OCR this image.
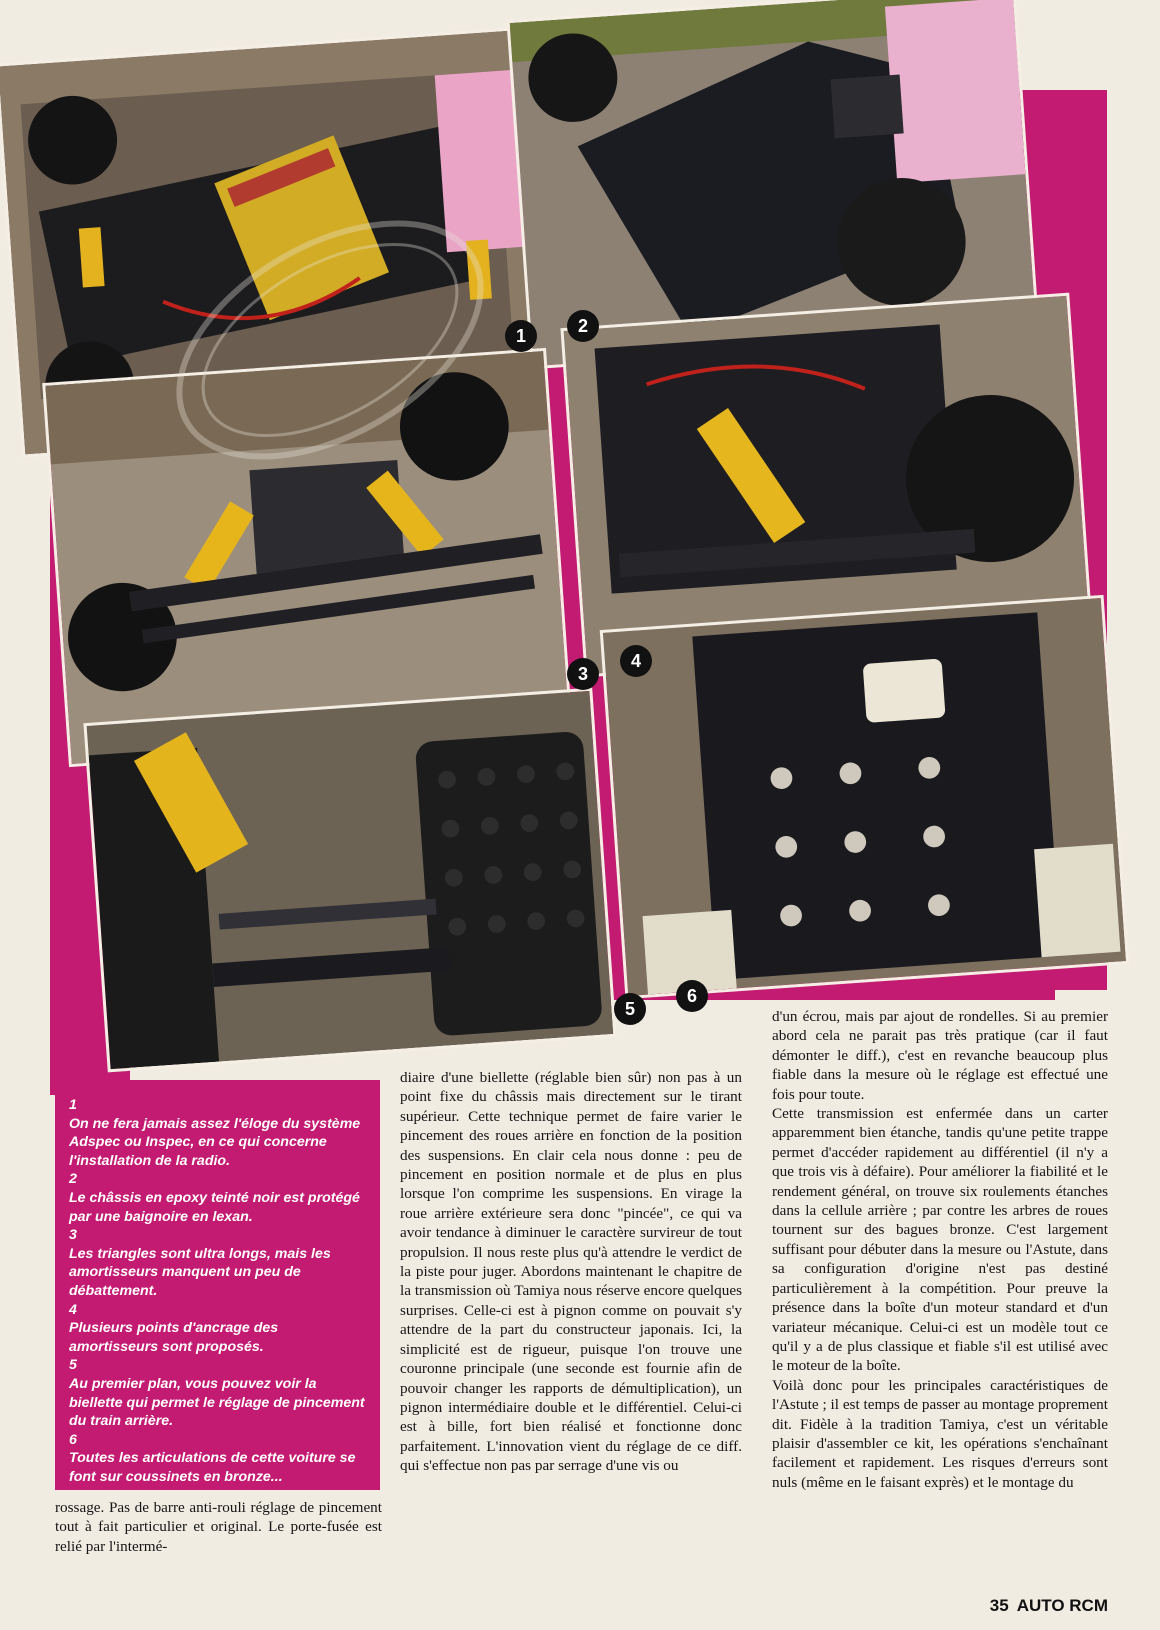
1	2
3
4
5
6
1
On ne fera jamais assez l'éloge du système Adspec ou Inspec, en ce qui concerne l'installation de la radio.
2
Le châssis en epoxy teinté noir est protégé par une baignoire en lexan.
3
Les triangles sont ultra longs, mais les amortisseurs manquent un peu de débattement.
4
Plusieurs points d'ancrage des amortisseurs sont proposés.
5
Au premier plan, vous pouvez voir la biellette qui permet le réglage de pincement du train arrière.
6
Toutes les articulations de cette voiture se font sur coussinets en bronze...

rossage. Pas de barre anti-rouli réglage de pincement tout à fait particulier et original. Le porte-fusée est relié par l'intermé-

diaire d'une biellette (réglable bien sûr) non pas à un point fixe du châssis mais directement sur le tirant supérieur. Cette technique permet de faire varier le pincement des roues arrière en fonction de la position des suspensions. En clair cela nous donne : peu de pincement en position normale et de plus en plus lorsque l'on comprime les suspensions. En virage la roue arrière extérieure sera donc "pincée", ce qui va avoir tendance à diminuer le caractère survireur de tout propulsion. Il nous reste plus qu'à attendre le verdict de la piste pour juger. Abordons maintenant le chapitre de la transmission où Tamiya nous réserve encore quelques surprises. Celle-ci est à pignon comme on pouvait s'y attendre de la part du constructeur japonais. Ici, la simplicité est de rigueur, puisque l'on trouve une couronne principale (une seconde est fournie afin de pouvoir changer les rapports de démultiplication), un pignon intermédiaire double et le différentiel. Celui-ci est à bille, fort bien réalisé et fonctionne donc parfaitement. L'innovation vient du réglage de ce diff. qui s'effectue non pas par serrage d'une vis ou

d'un écrou, mais par ajout de rondelles. Si au premier abord cela ne parait pas très pratique (car il faut démonter le diff.), c'est en revanche beaucoup plus fiable dans la mesure où le réglage est effectué une fois pour toute.

Cette transmission est enfermée dans un carter apparemment bien étanche, tandis qu'une petite trappe permet d'accéder rapidement au différentiel (il n'y a que trois vis à défaire). Pour améliorer la fiabilité et le rendement général, on trouve six roulements étanches dans la cellule arrière ; par contre les arbres de roues tournent sur des bagues bronze. C'est largement suffisant pour débuter dans la mesure ou l'Astute, dans sa configuration d'origine n'est pas destiné particulièrement à la compétition. Pour preuve la présence dans la boîte d'un moteur standard et d'un variateur mécanique. Celui-ci est un modèle tout ce qu'il y a de plus classique et fiable s'il est utilisé avec le moteur de la boîte.

Voilà donc pour les principales caractéristiques de l'Astute ; il est temps de passer au montage proprement dit. Fidèle à la tradition Tamiya, c'est un véritable plaisir d'assembler ce kit, les opérations s'enchaînant facilement et rapidement. Les risques d'erreurs sont nuls (même en le faisant exprès) et le montage du

35 AUTO RCM
